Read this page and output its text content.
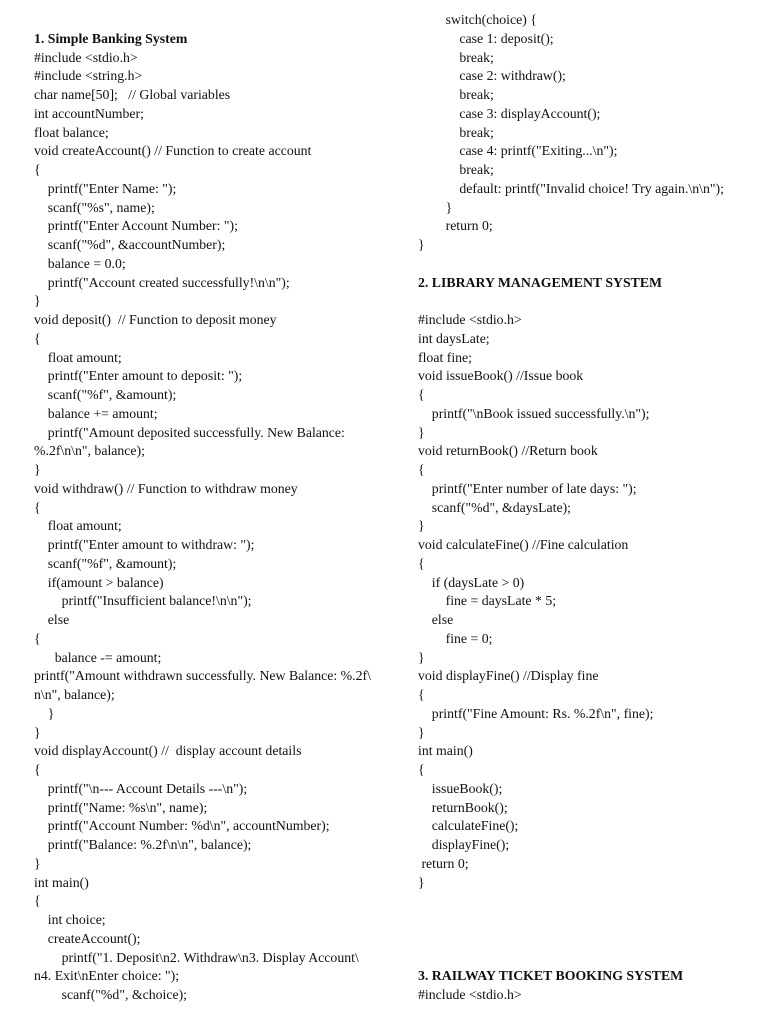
1. Simple Banking System
#include <stdio.h>
#include <string.h>
char name[50];   // Global variables
int accountNumber;
float balance;
void createAccount() // Function to create account
{
printf("Enter Name: ");
scanf("%s", name);
printf("Enter Account Number: ");
scanf("%d", &accountNumber);
balance = 0.0;
printf("Account created successfully!\n\n");
}
void deposit()  // Function to deposit money
{
float amount;
printf("Enter amount to deposit: ");
scanf("%f", &amount);
balance += amount;
printf("Amount deposited successfully. New Balance:
%.2f\n\n", balance);
}
void withdraw() // Function to withdraw money
{
float amount;
printf("Enter amount to withdraw: ");
scanf("%f", &amount);
if(amount > balance)
printf("Insufficient balance!\n\n");
else
{
balance -= amount;
printf("Amount withdrawn successfully. New Balance: %.2f\
n\n", balance);
}
}
void displayAccount() //  display account details
{
printf("\n--- Account Details ---\n");
printf("Name: %s\n", name);
printf("Account Number: %d\n", accountNumber);
printf("Balance: %.2f\n\n", balance);
}
int main()
{
int choice;
createAccount();
printf("1. Deposit\n2. Withdraw\n3. Display Account\
n4. Exit\nEnter choice: ");
scanf("%d", &choice);
switch(choice) {
case 1: deposit();
break;
case 2: withdraw();
break;
case 3: displayAccount();
break;
case 4: printf("Exiting...\n");
break;
default: printf("Invalid choice! Try again.\n\n");
}
return 0;
}
2. LIBRARY MANAGEMENT SYSTEM
#include <stdio.h>
int daysLate;
float fine;
void issueBook() //Issue book
{
printf("\nBook issued successfully.\n");
}
void returnBook() //Return book
{
printf("Enter number of late days: ");
scanf("%d", &daysLate);
}
void calculateFine() //Fine calculation
{
if (daysLate > 0)
fine = daysLate * 5;
else
fine = 0;
}
void displayFine() //Display fine
{
printf("Fine Amount: Rs. %.2f\n", fine);
}
int main()
{
issueBook();
returnBook();
calculateFine();
displayFine();
return 0;
}
3. RAILWAY TICKET BOOKING SYSTEM
#include <stdio.h>
